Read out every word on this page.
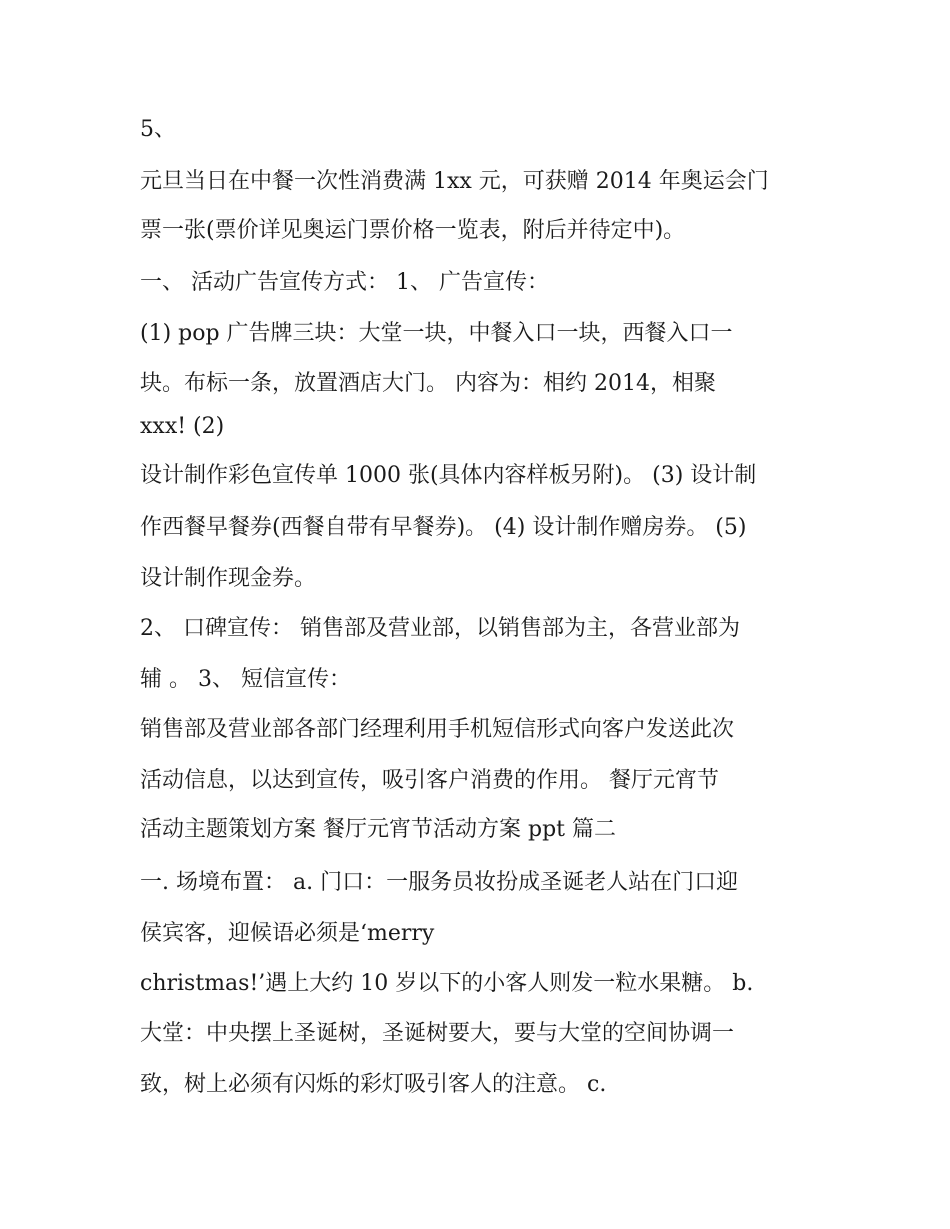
5、

元旦当日在中餐一次性消费满 1xx 元，可获赠 2014 年奥运会门

票一张(票价详见奥运门票价格一览表，附后并待定中)。

一、 活动广告宣传方式： 1、 广告宣传：

(1) pop 广告牌三块：大堂一块，中餐入口一块，西餐入口一

块。布标一条，放置酒店大门。 内容为：相约 2014，相聚

xxx! (2)

设计制作彩色宣传单 1000 张(具体内容样板另附)。 (3) 设计制

作西餐早餐券(西餐自带有早餐券)。 (4) 设计制作赠房券。 (5)

设计制作现金券。

2、 口碑宣传： 销售部及营业部，以销售部为主，各营业部为

辅 。 3、 短信宣传：

销售部及营业部各部门经理利用手机短信形式向客户发送此次

活动信息，以达到宣传，吸引客户消费的作用。 餐厅元宵节

活动主题策划方案 餐厅元宵节活动方案 ppt 篇二

一. 场境布置： a. 门口：一服务员妆扮成圣诞老人站在门口迎

侯宾客，迎候语必须是‘merry

christmas!’遇上大约 10 岁以下的小客人则发一粒水果糖。 b.

大堂：中央摆上圣诞树，圣诞树要大，要与大堂的空间协调一

致，树上必须有闪烁的彩灯吸引客人的注意。 c.
